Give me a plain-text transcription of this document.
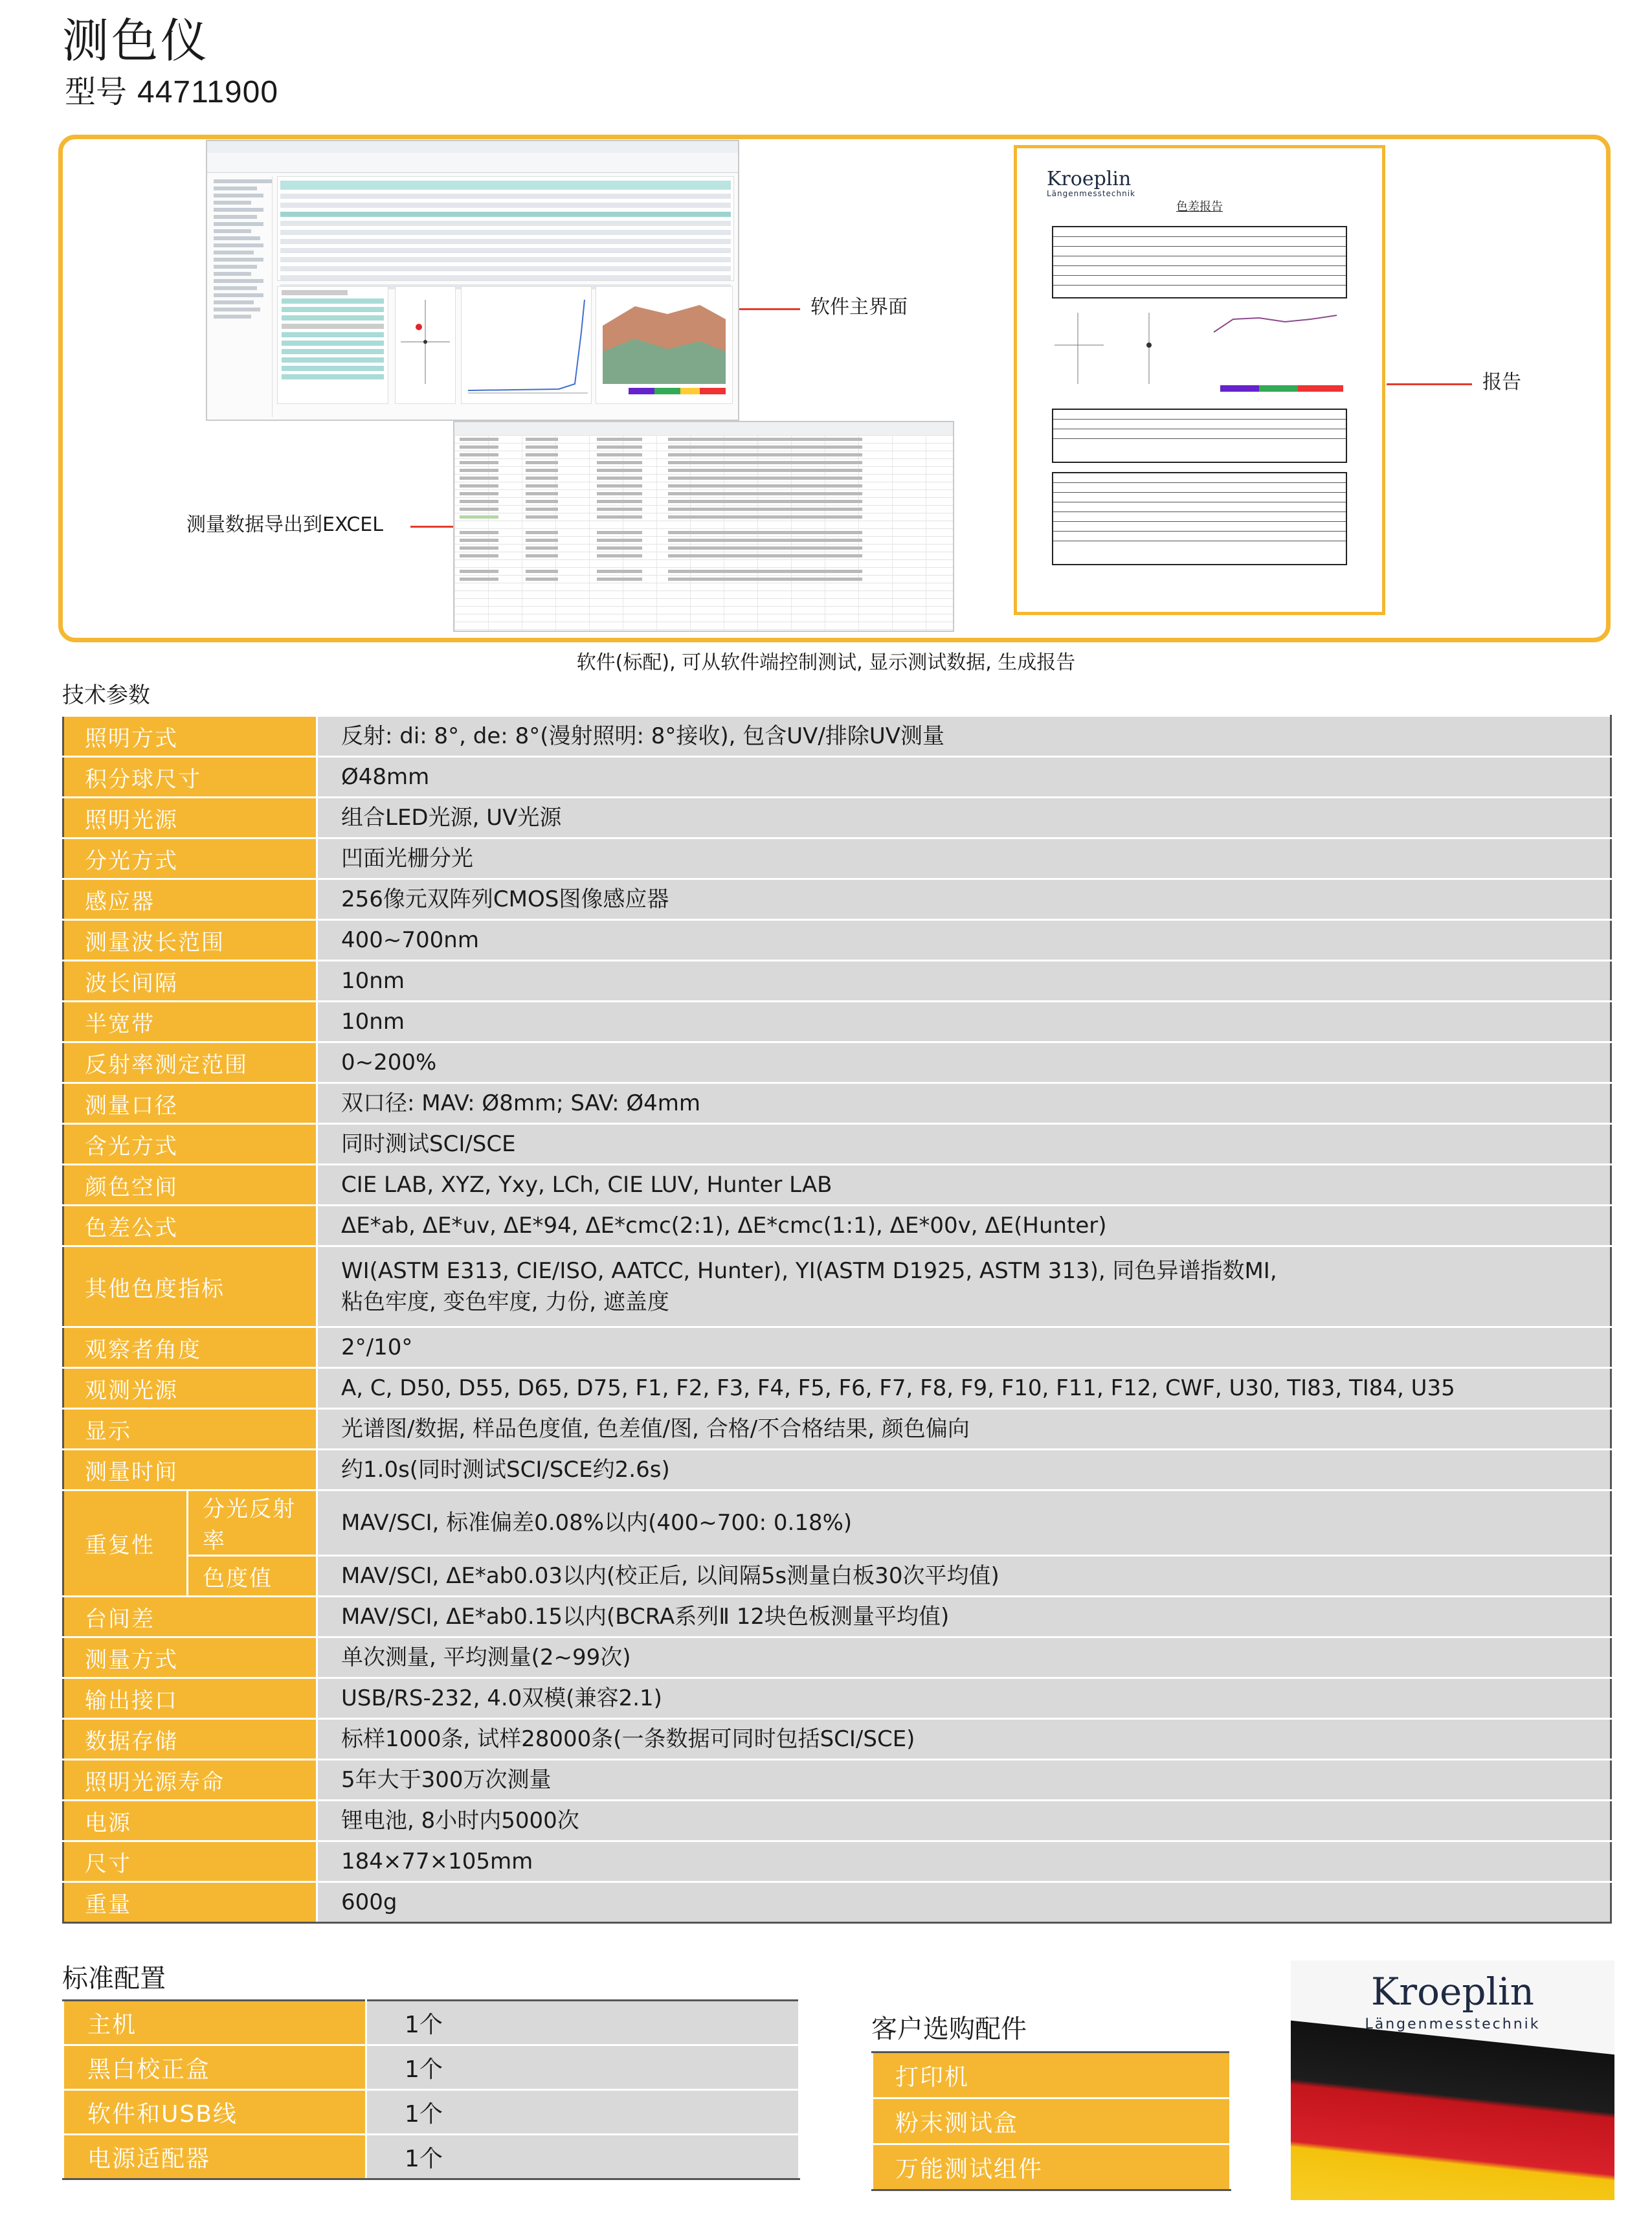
测色仪
型号 44711900
Kroeplin
Längenmesstechnik
色差报告
软件主界面
报告
测量数据导出到EXCEL
软件(标配), 可从软件端控制测试, 显示测试数据, 生成报告
技术参数
照明方式		反射: di: 8°, de: 8°(漫射照明: 8°接收), 包含UV/排除UV测量
积分球尺寸		Ø48mm
照明光源		组合LED光源, UV光源
分光方式		凹面光栅分光
感应器		256像元双阵列CMOS图像感应器
测量波长范围		400~700nm
波长间隔		10nm
半宽带		10nm
反射率测定范围		0~200%
测量口径		双口径: MAV: Ø8mm; SAV: Ø4mm
含光方式		同时测试SCI/SCE
颜色空间		CIE LAB, XYZ, Yxy, LCh, CIE LUV, Hunter LAB
色差公式		ΔE*ab, ΔE*uv, ΔE*94, ΔE*cmc(2:1), ΔE*cmc(1:1), ΔE*00v, ΔE(Hunter)
其他色度指标		WI(ASTM E313, CIE/ISO, AATCC, Hunter), YI(ASTM D1925, ASTM 313), 同色异谱指数MI,
粘色牢度, 变色牢度, 力份, 遮盖度

观察者角度		2°/10°
观测光源		A, C, D50, D55, D65, D75, F1, F2, F3, F4, F5, F6, F7, F8, F9, F10, F11, F12, CWF, U30, TI83, TI84, U35
显示		光谱图/数据, 样品色度值, 色差值/图, 合格/不合格结果, 颜色偏向
测量时间		约1.0s(同时测试SCI/SCE约2.6s)
重复性	分光反射率	MAV/SCI, 标准偏差0.08%以内(400~700: 0.18%)
	色度值	MAV/SCI, ΔE*ab0.03以内(校正后, 以间隔5s测量白板30次平均值)
台间差		MAV/SCI, ΔE*ab0.15以内(BCRA系列Ⅱ 12块色板测量平均值)
测量方式		单次测量, 平均测量(2~99次)
输出接口		USB/RS-232, 4.0双模(兼容2.1)
数据存储		标样1000条, 试样28000条(一条数据可同时包括SCI/SCE)
照明光源寿命		5年大于300万次测量
电源		锂电池, 8小时内5000次
尺寸		184×77×105mm
重量		600g
标准配置
主机	1个
黑白校正盒	1个
软件和USB线	1个
电源适配器	1个
客户选购配件
打印机
粉末测试盒
万能测试组件
Kroeplin
Längenmesstechnik
